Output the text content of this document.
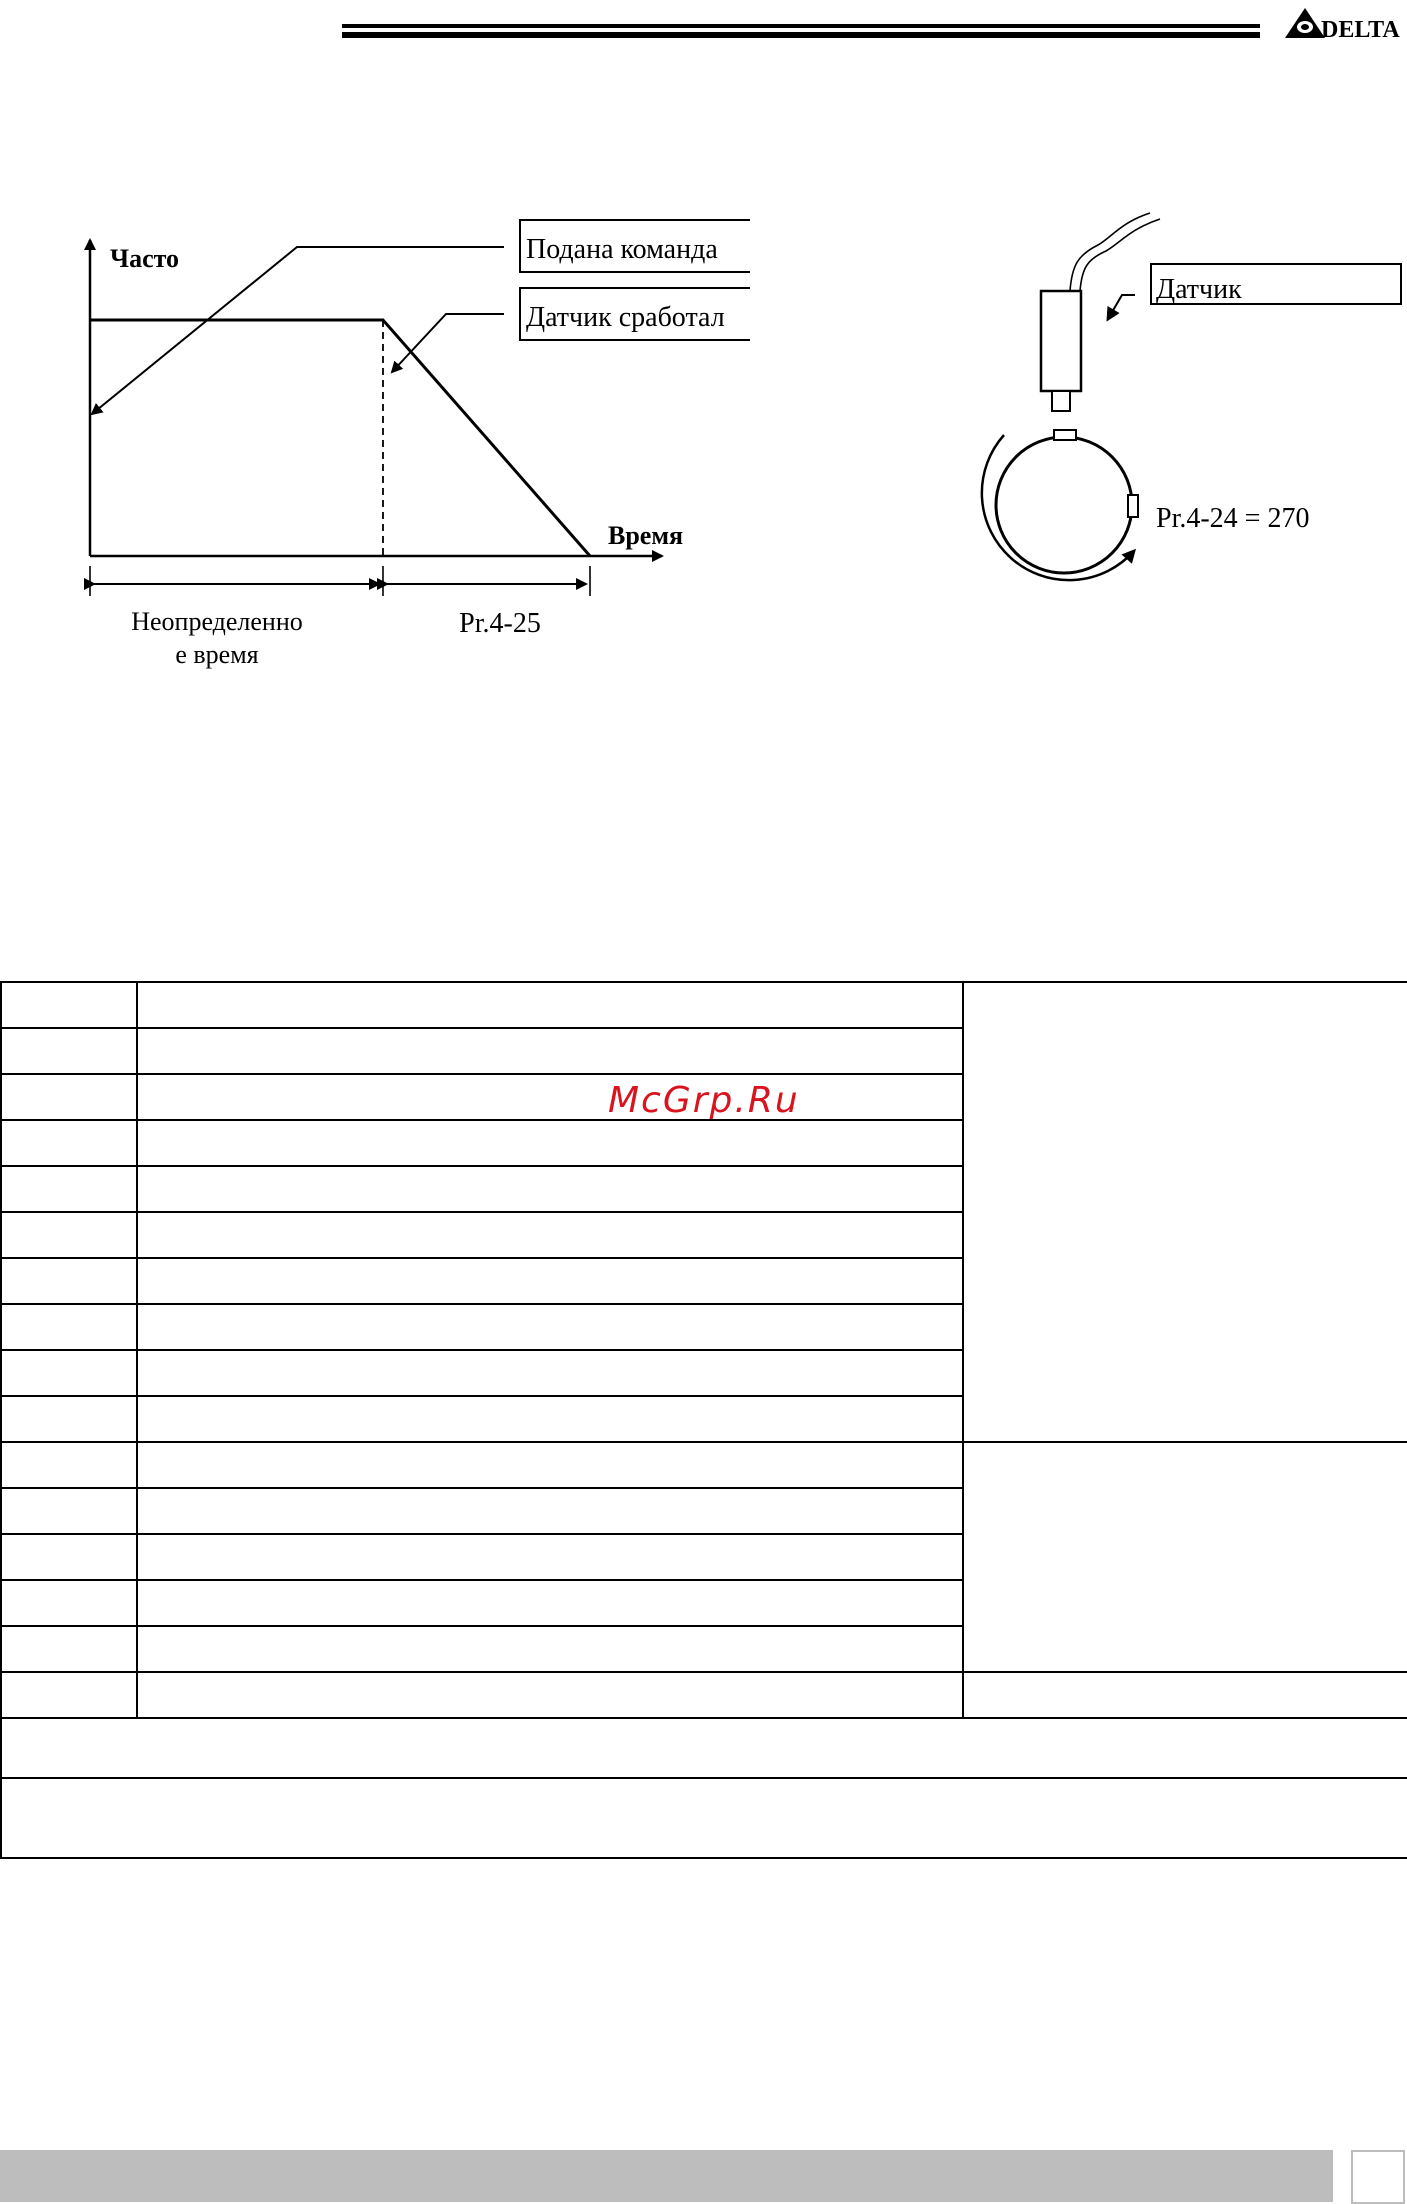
DELTA
Часто
Время
Подана команда
Датчик сработал
Неопределенно
е время
Pr.4-25
Датчик
Pr.4-24 = 270
McGrp.Ru
